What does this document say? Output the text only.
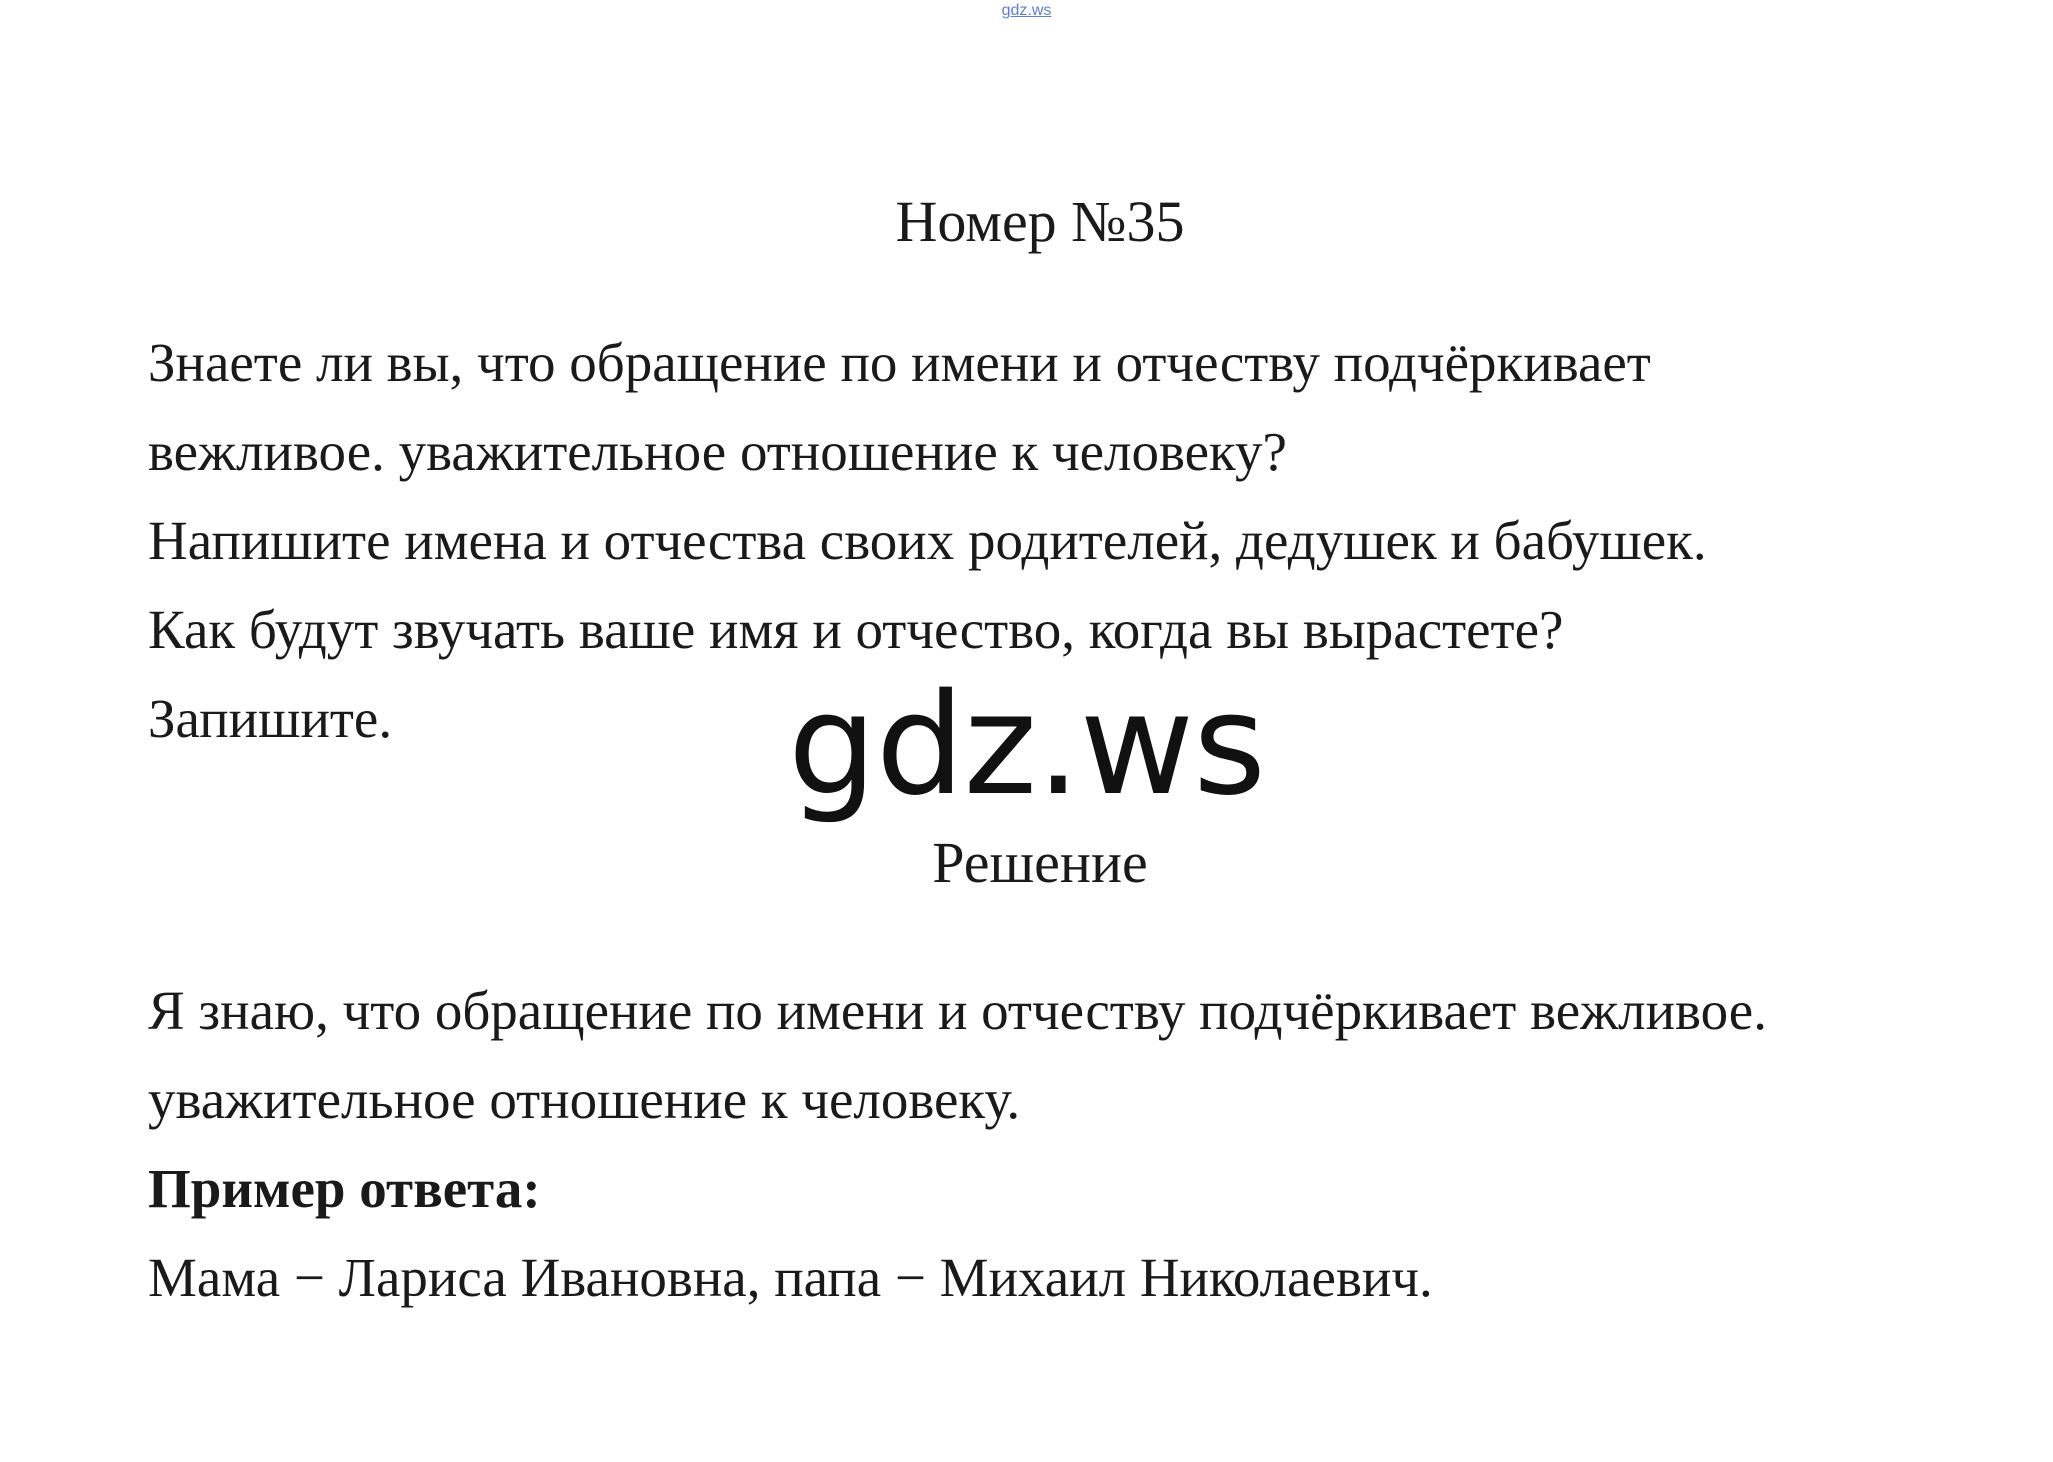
gdz.ws
Номер №35
Знаете ли вы, что обращение по имени и отчеству подчёркивает
вежливое. уважительное отношение к человеку?
Напишите имена и отчества своих родителей, дедушек и бабушек.
Как будут звучать ваше имя и отчество, когда вы вырастете?
Запишите.	gdz.ws
Решение
Я знаю, что обращение по имени и отчеству подчёркивает вежливое.
уважительное отношение к человеку.
Пример ответа:
Мама − Лариса Ивановна, папа − Михаил Николаевич.
